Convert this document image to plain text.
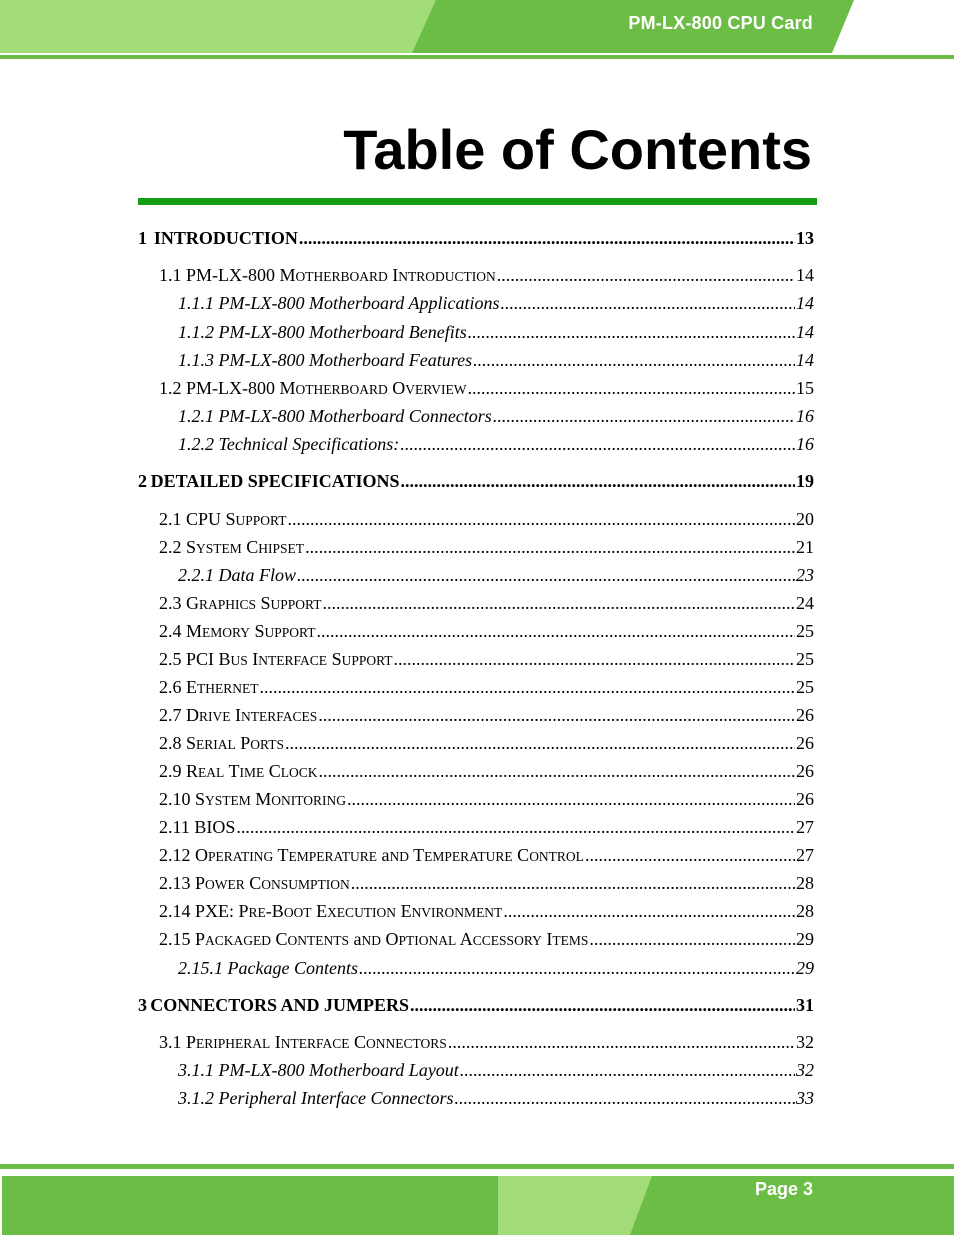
PM-LX-800 CPU Card
Table of Contents
1 INTRODUCTION .....	13
1.1 PM-LX-800 MOTHERBOARD INTRODUCTION .....	14
1.1.1 PM-LX-800 Motherboard Applications .....	14
1.1.2 PM-LX-800 Motherboard Benefits .....	14
1.1.3 PM-LX-800 Motherboard Features .....	14
1.2 PM-LX-800 MOTHERBOARD OVERVIEW .....	15
1.2.1 PM-LX-800 Motherboard Connectors .....	16
1.2.2 Technical Specifications: .....	16
2 DETAILED SPECIFICATIONS .....	19
2.1 CPU SUPPORT .....	20
2.2 SYSTEM CHIPSET .....	21
2.2.1 Data Flow .....	23
2.3 GRAPHICS SUPPORT .....	24
2.4 MEMORY SUPPORT .....	25
2.5 PCI BUS INTERFACE SUPPORT .....	25
2.6 ETHERNET .....	25
2.7 DRIVE INTERFACES .....	26
2.8 SERIAL PORTS .....	26
2.9 REAL TIME CLOCK .....	26
2.10 SYSTEM MONITORING .....	26
2.11 BIOS .....	27
2.12 OPERATING TEMPERATURE aND TEMPERATURE CONTROL .....	27
2.13 POWER CONSUMPTION .....	28
2.14 PXE: PRE-BOOT EXECUTION ENVIRONMENT .....	28
2.15 PACKAGED CONTENTS aND OPTIONAL ACCESSORY ITEMS .....	29
2.15.1 Package Contents .....	29
3 CONNECTORS AND JUMPERS .....	31
3.1 PERIPHERAL INTERFACE CONNECTORS .....	32
3.1.1 PM-LX-800 Motherboard Layout .....	32
3.1.2 Peripheral Interface Connectors .....	33
Page 3
